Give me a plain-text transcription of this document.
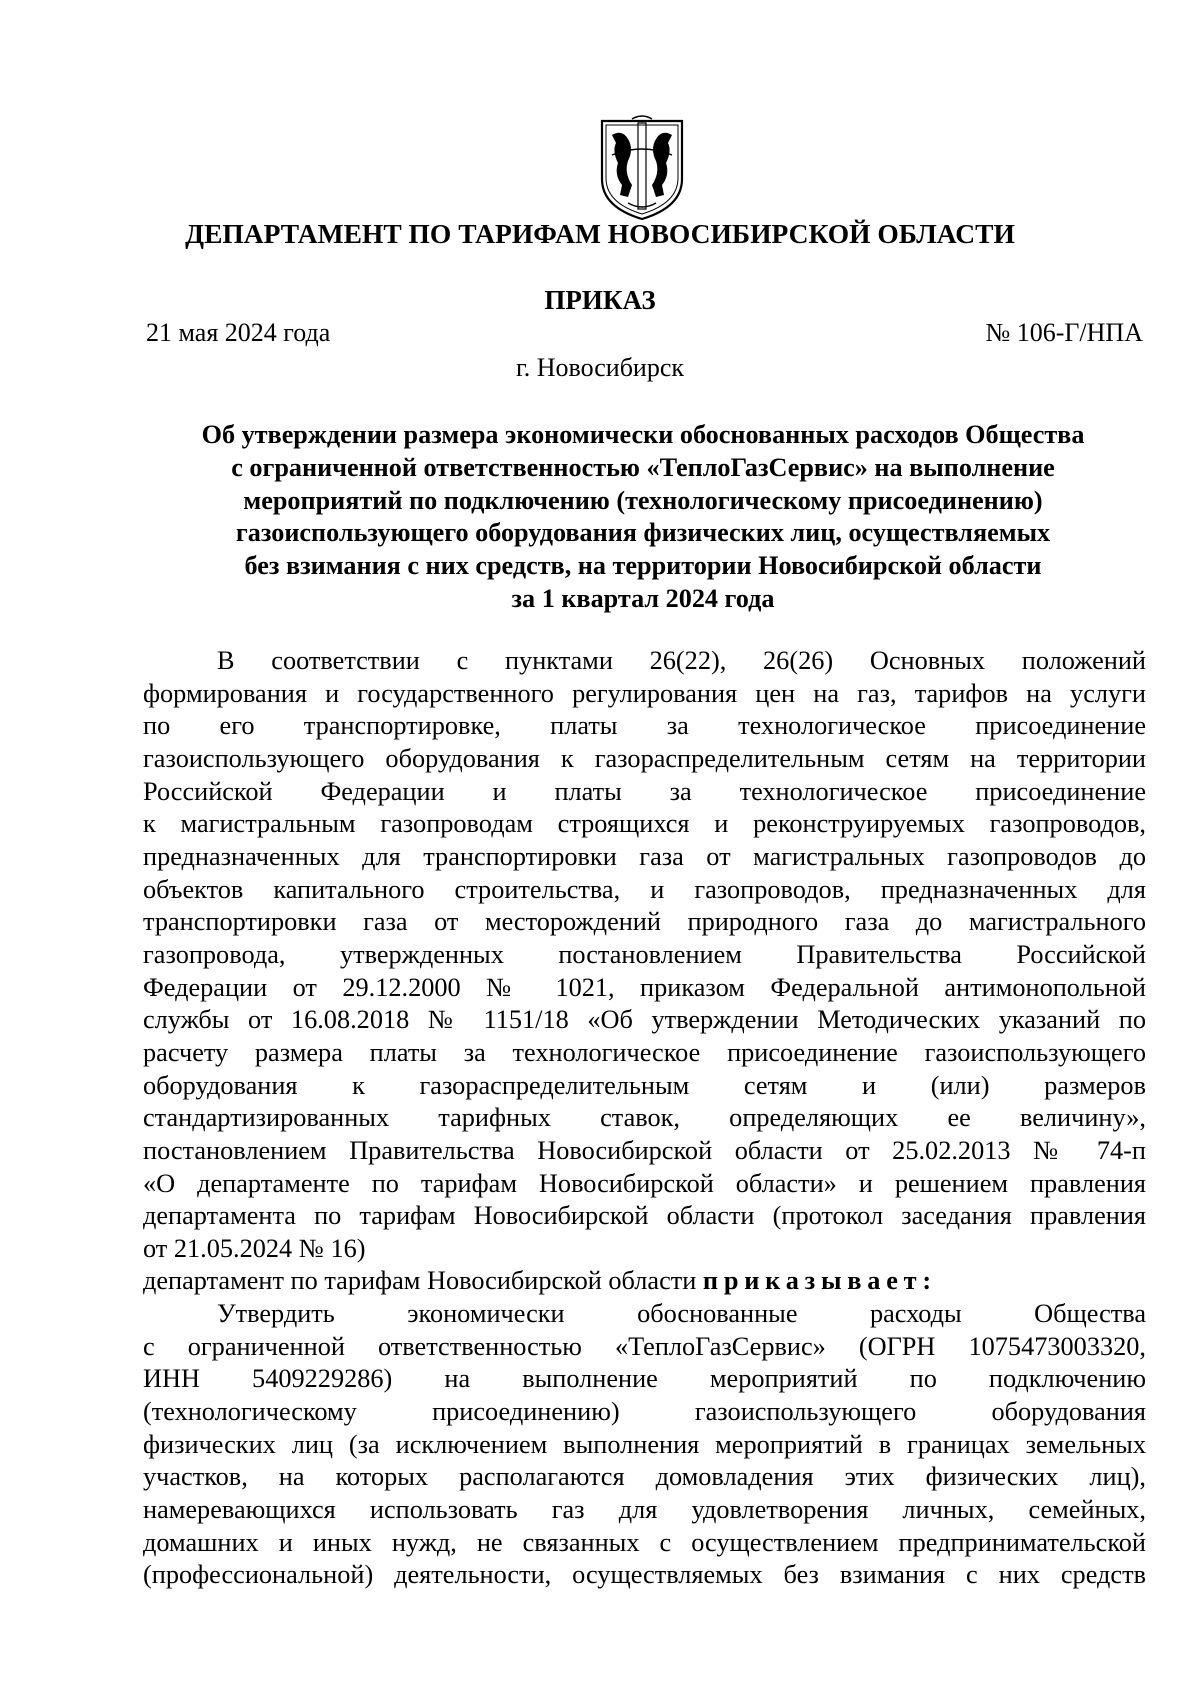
ДЕПАРТАМЕНТ ПО ТАРИФАМ НОВОСИБИРСКОЙ ОБЛАСТИ
ПРИКАЗ
21 мая 2024 года	№ 106-Г/НПА
г. Новосибирск
Об утверждении размера экономически обоснованных расходов Общества
с ограниченной ответственностью «ТеплоГазСервис» на выполнение
мероприятий по подключению (технологическому присоединению)
газоиспользующего оборудования физических лиц, осуществляемых
без взимания с них средств, на территории Новосибирской области
за 1 квартал 2024 года
В соответствии с пунктами 26(22), 26(26) Основных положений
формирования и государственного регулирования цен на газ, тарифов на услуги
по его транспортировке, платы за технологическое присоединение
газоиспользующего оборудования к газораспределительным сетям на территории
Российской Федерации и платы за технологическое присоединение
к магистральным газопроводам строящихся и реконструируемых газопроводов,
предназначенных для транспортировки газа от магистральных газопроводов до
объектов капитального строительства, и газопроводов, предназначенных для
транспортировки газа от месторождений природного газа до магистрального
газопровода, утвержденных постановлением Правительства Российской
Федерации от 29.12.2000 № 1021, приказом Федеральной антимонопольной
службы от 16.08.2018 № 1151/18 «Об утверждении Методических указаний по
расчету размера платы за технологическое присоединение газоиспользующего
оборудования к газораспределительным сетям и (или) размеров
стандартизированных тарифных ставок, определяющих ее величину»,
постановлением Правительства Новосибирской области от 25.02.2013 № 74-п
«О департаменте по тарифам Новосибирской области» и решением правления
департамента по тарифам Новосибирской области (протокол заседания правления
от 21.05.2024 № 16)
департамент по тарифам Новосибирской области приказывает:
Утвердить экономически обоснованные расходы Общества
с ограниченной ответственностью «ТеплоГазСервис» (ОГРН 1075473003320,
ИНН 5409229286) на выполнение мероприятий по подключению
(технологическому присоединению) газоиспользующего оборудования
физических лиц (за исключением выполнения мероприятий в границах земельных
участков, на которых располагаются домовладения этих физических лиц),
намеревающихся использовать газ для удовлетворения личных, семейных,
домашних и иных нужд, не связанных с осуществлением предпринимательской
(профессиональной) деятельности, осуществляемых без взимания с них средств
